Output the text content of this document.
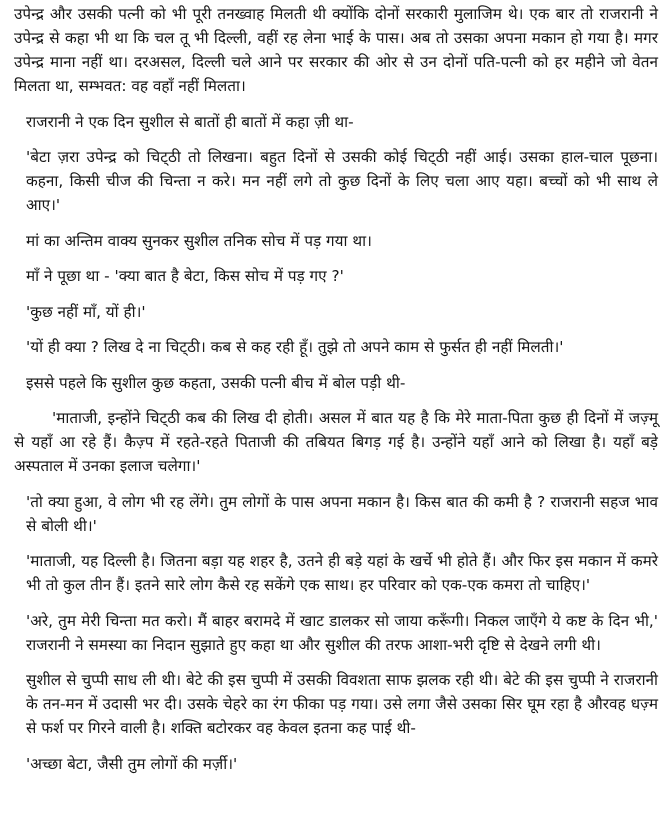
उपेन्द्र और उसकी पत्नी को भी पूरी तनख्वाह मिलती थी क्योंकि दोनों सरकारी मुलाजिम थे। एक बार तो राजरानी ने उपेन्द्र से कहा भी था कि चल तू भी दिल्ली, वहीं रह लेना भाई के पास। अब तो उसका अपना मकान हो गया है। मगर उपेन्द्र माना नहीं था। दरअसल, दिल्ली चले आने पर सरकार की ओर से उन दोनों पति-पत्नी को हर महीने जो वेतन मिलता था, सम्भवत: वह वहाँ नहीं मिलता।

राजरानी ने एक दिन सुशील से बातों ही बातों में कहा ज़ी था-

'बेटा ज़रा उपेन्द्र को चिट्‌ठी तो लिखना। बहुत दिनों से उसकी कोई चिट्‌ठी नहीं आई। उसका हाल-चाल पूछना। कहना, किसी चीज की चिन्ता न करे। मन नहीं लगे तो कुछ दिनों के लिए चला आए यहा। बच्चों को भी साथ ले आए।'

मां का अन्तिम वाक्य सुनकर सुशील तनिक सोच में पड़ गया था।

माँ ने पूछा था - 'क्या बात है बेटा, किस सोच में पड़ गए ?'

'कुछ नहीं माँ, यों ही।'

'यों ही क्या ? लिख दे ना चिट्‌ठी। कब से कह रही हूँ। तुझे तो अपने काम से फुर्सत ही नहीं मिलती।'

इससे पहले कि सुशील कुछ कहता, उसकी पत्नी बीच में बोल पड़ी थी-

'माताजी, इन्होंने चिट्‌ठी कब की लिख दी होती। असल में बात यह है कि मेरे माता-पिता कुछ ही दिनों में जज़्मू से यहाँ आ रहे हैं। कैज़्प में रहते-रहते पिताजी की तबियत बिगड़ गई है। उन्होंने यहाँ आने को लिखा है। यहाँ बड़े अस्पताल में उनका इलाज चलेगा।'

'तो क्या हुआ, वे लोग भी रह लेंगे। तुम लोगों के पास अपना मकान है। किस बात की कमी है ? राजरानी सहज भाव से बोली थी।'

'माताजी, यह दिल्ली है। जितना बड़ा यह शहर है, उतने ही बड़े यहां के खर्चे भी होते हैं। और फिर इस मकान में कमरे भी तो कुल तीन हैं। इतने सारे लोग कैसे रह सकेंगे एक साथ। हर परिवार को एक-एक कमरा तो चाहिए।'

'अरे, तुम मेरी चिन्ता मत करो। मैं बाहर बरामदे में खाट डालकर सो जाया करूँगी। निकल जाएँगे ये कष्ट के दिन भी,' राजरानी ने समस्या का निदान सुझाते हुए कहा था और सुशील की तरफ आशा-भरी दृष्टि से देखने लगी थी।

सुशील से चुप्पी साध ली थी। बेटे की इस चुप्पी में उसकी विवशता साफ झलक रही थी। बेटे की इस चुप्पी ने राजरानी के तन-मन में उदासी भर दी। उसके चेहरे का रंग फीका पड़ गया। उसे लगा जैसे उसका सिर घूम रहा है औरवह धज़्म से फर्श पर गिरने वाली है। शक्ति बटोरकर वह केवल इतना कह पाई थी-

'अच्छा बेटा, जैसी तुम लोगों की मर्ज़ी।'
